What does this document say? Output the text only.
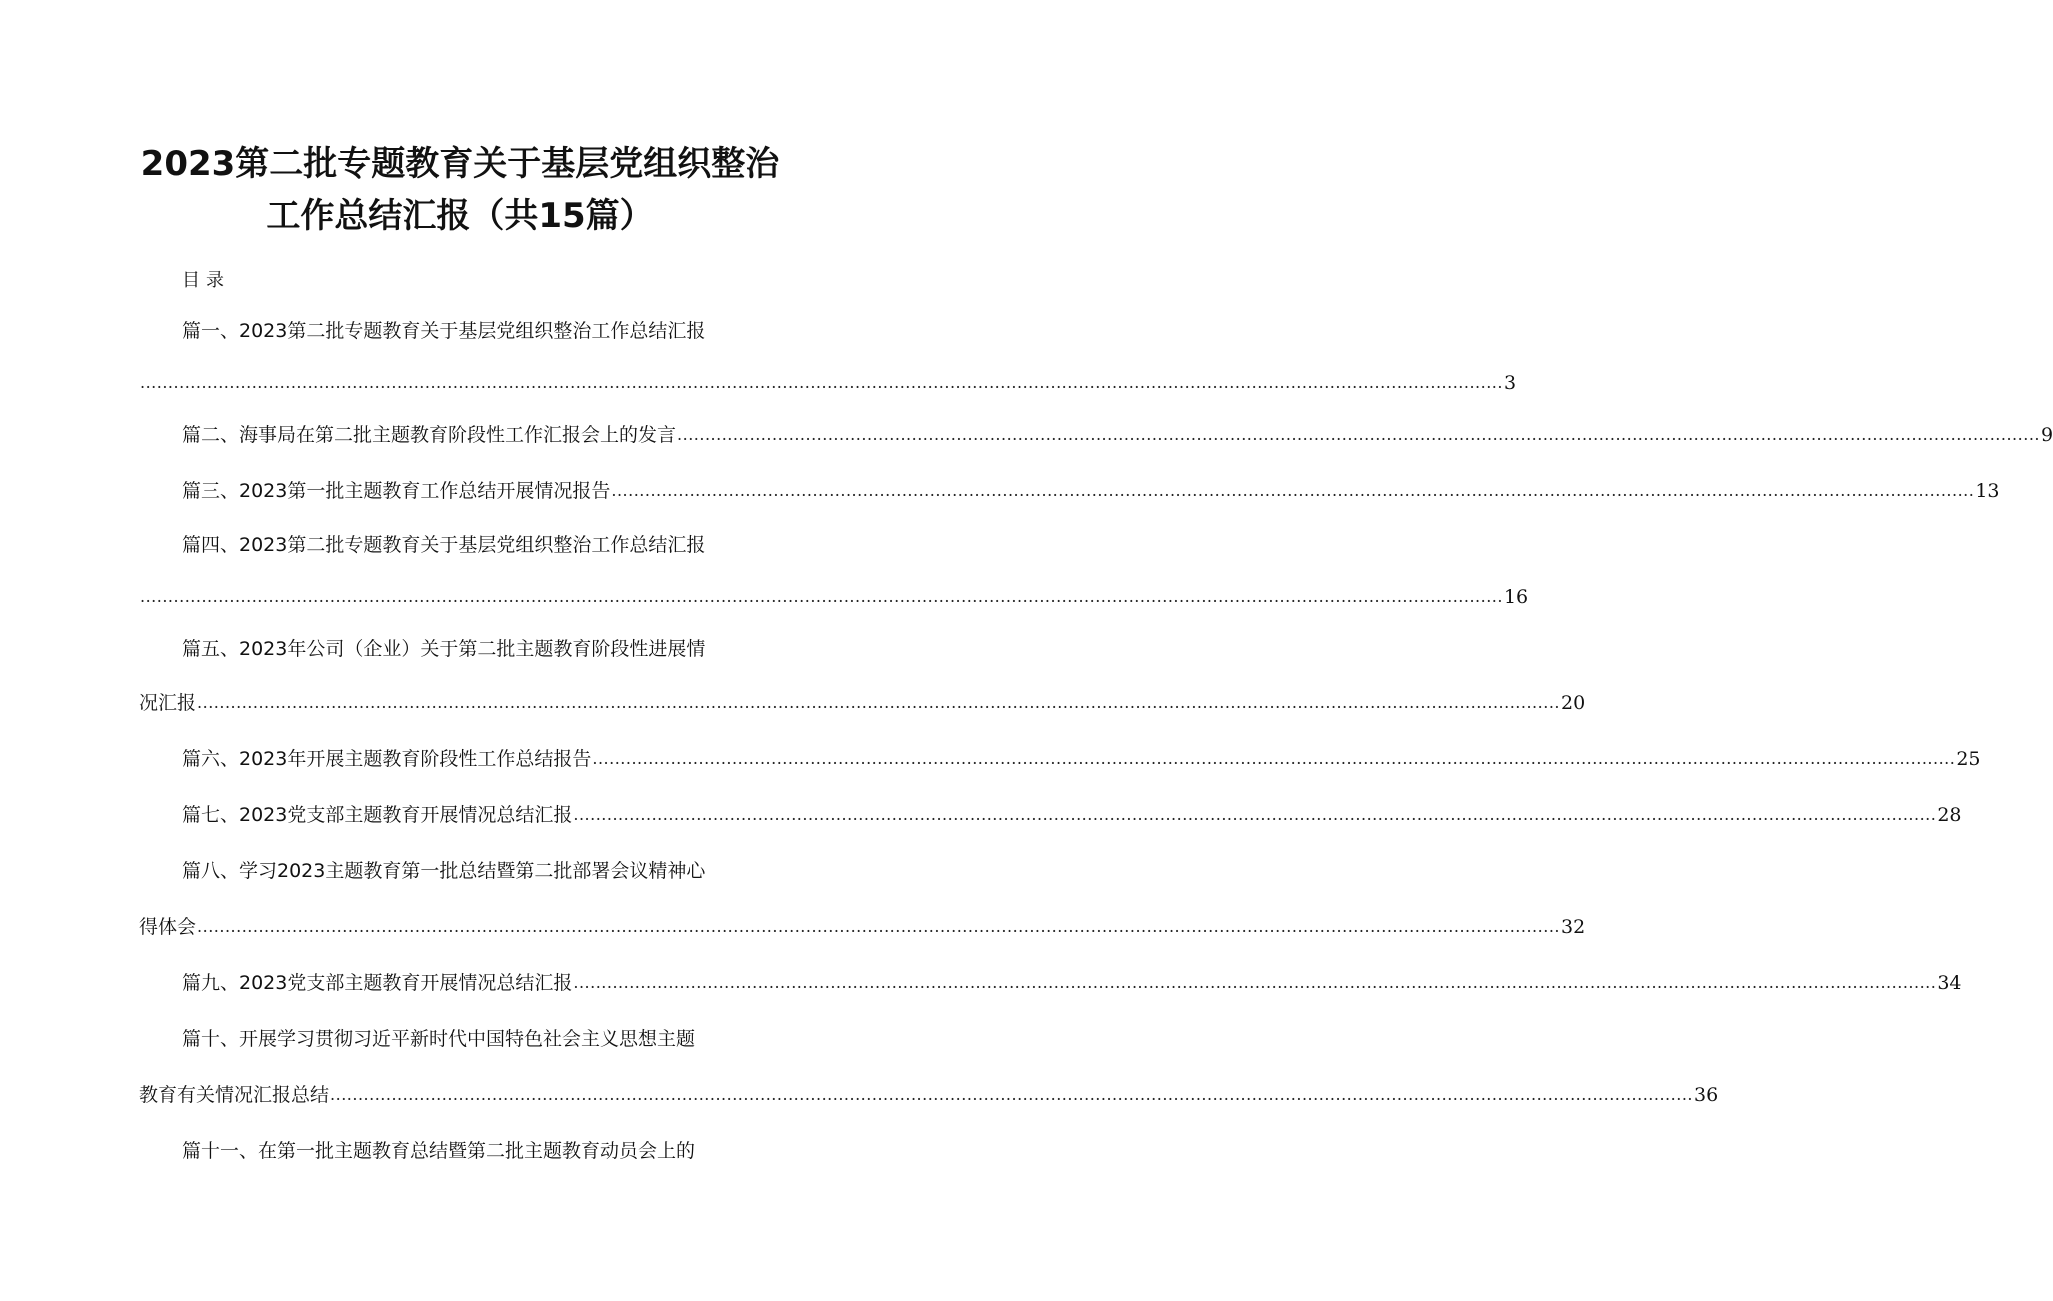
2023第二批专题教育关于基层党组织整治
工作总结汇报（共15篇）
目录
篇一、2023第二批专题教育关于基层党组织整治工作总结汇报
.................................................................................................................................................................................................................................................... 3
篇二、海事局在第二批主题教育阶段性工作汇报会上的发言 .................................................................................................................................................................................................................................................... 9
篇三、2023第一批主题教育工作总结开展情况报告 .................................................................................................................................................................................................................................................... 13
篇四、2023第二批专题教育关于基层党组织整治工作总结汇报
.................................................................................................................................................................................................................................................... 16
篇五、2023年公司（企业）关于第二批主题教育阶段性进展情
况汇报 .................................................................................................................................................................................................................................................... 20
篇六、2023年开展主题教育阶段性工作总结报告 .................................................................................................................................................................................................................................................... 25
篇七、2023党支部主题教育开展情况总结汇报 .................................................................................................................................................................................................................................................... 28
篇八、学习2023主题教育第一批总结暨第二批部署会议精神心
得体会 .................................................................................................................................................................................................................................................... 32
篇九、2023党支部主题教育开展情况总结汇报 .................................................................................................................................................................................................................................................... 34
篇十、开展学习贯彻习近平新时代中国特色社会主义思想主题
教育有关情况汇报总结 .................................................................................................................................................................................................................................................... 36
篇十一、在第一批主题教育总结暨第二批主题教育动员会上的
